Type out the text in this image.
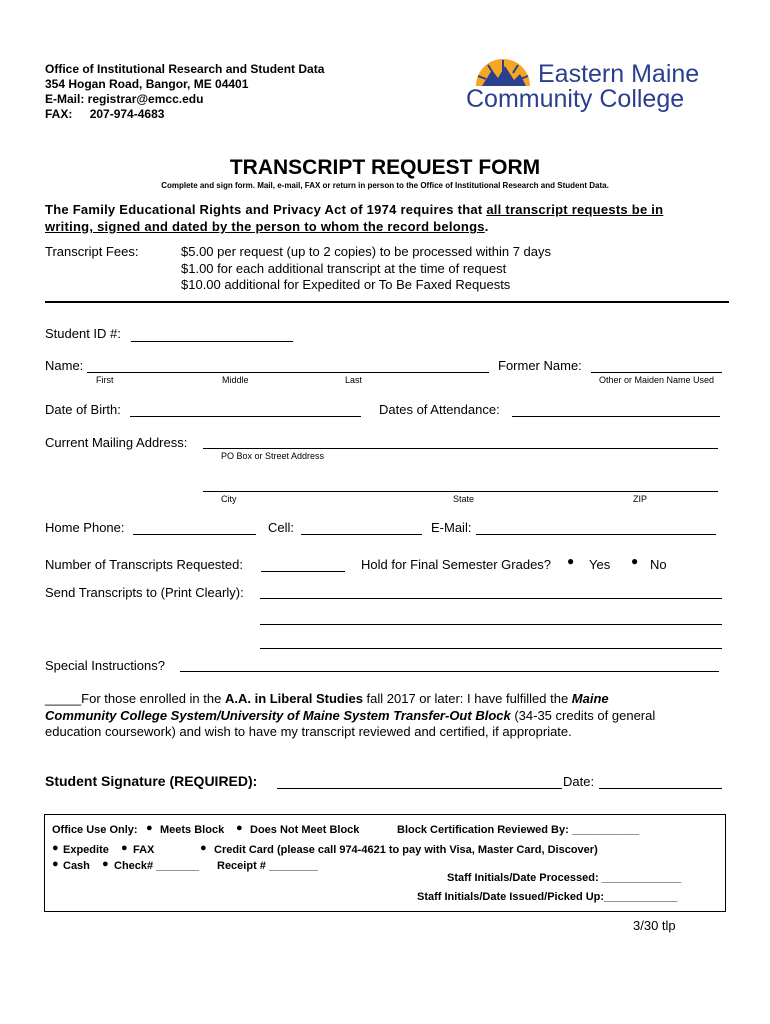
Office of Institutional Research and Student Data
354 Hogan Road, Bangor, ME 04401
E-Mail: registrar@emcc.edu
FAX: 207-974-4683
Eastern Maine
Community College
TRANSCRIPT REQUEST FORM
Complete and sign form. Mail, e-mail, FAX or return in person to the Office of Institutional Research and Student Data.
The Family Educational Rights and Privacy Act of 1974 requires that all transcript requests be in
writing, signed and dated by the person to whom the record belongs.
Transcript Fees:	$5.00 per request (up to 2 copies) to be processed within 7 days
$1.00 for each additional transcript at the time of request
$10.00 additional for Expedited or To Be Faxed Requests
Student ID #:
Name:
First	Middle	Last
Former Name:
Other or Maiden Name Used
Date of Birth:	Dates of Attendance:
Current Mailing Address:
PO Box or Street Address
City	State	ZIP
Home Phone:	Cell:	E-Mail:
Number of Transcripts Requested:	Hold for Final Semester Grades? ● Yes ● No
Send Transcripts to (Print Clearly):
Special Instructions?
_____For those enrolled in the A.A. in Liberal Studies fall 2017 or later: I have fulfilled the Maine
Community College System/University of Maine System Transfer-Out Block (34-35 credits of general
education coursework) and wish to have my transcript reviewed and certified, if appropriate.
Student Signature (REQUIRED):	Date:
Office Use Only: ● Meets Block ● Does Not Meet Block	Block Certification Reviewed By: ___________
● Expedite ● FAX	● Credit Card (please call 974-4621 to pay with Visa, Master Card, Discover)
● Cash ● Check# _______ Receipt # ________
Staff Initials/Date Processed: _____________
Staff Initials/Date Issued/Picked Up:____________
3/30 tlp
